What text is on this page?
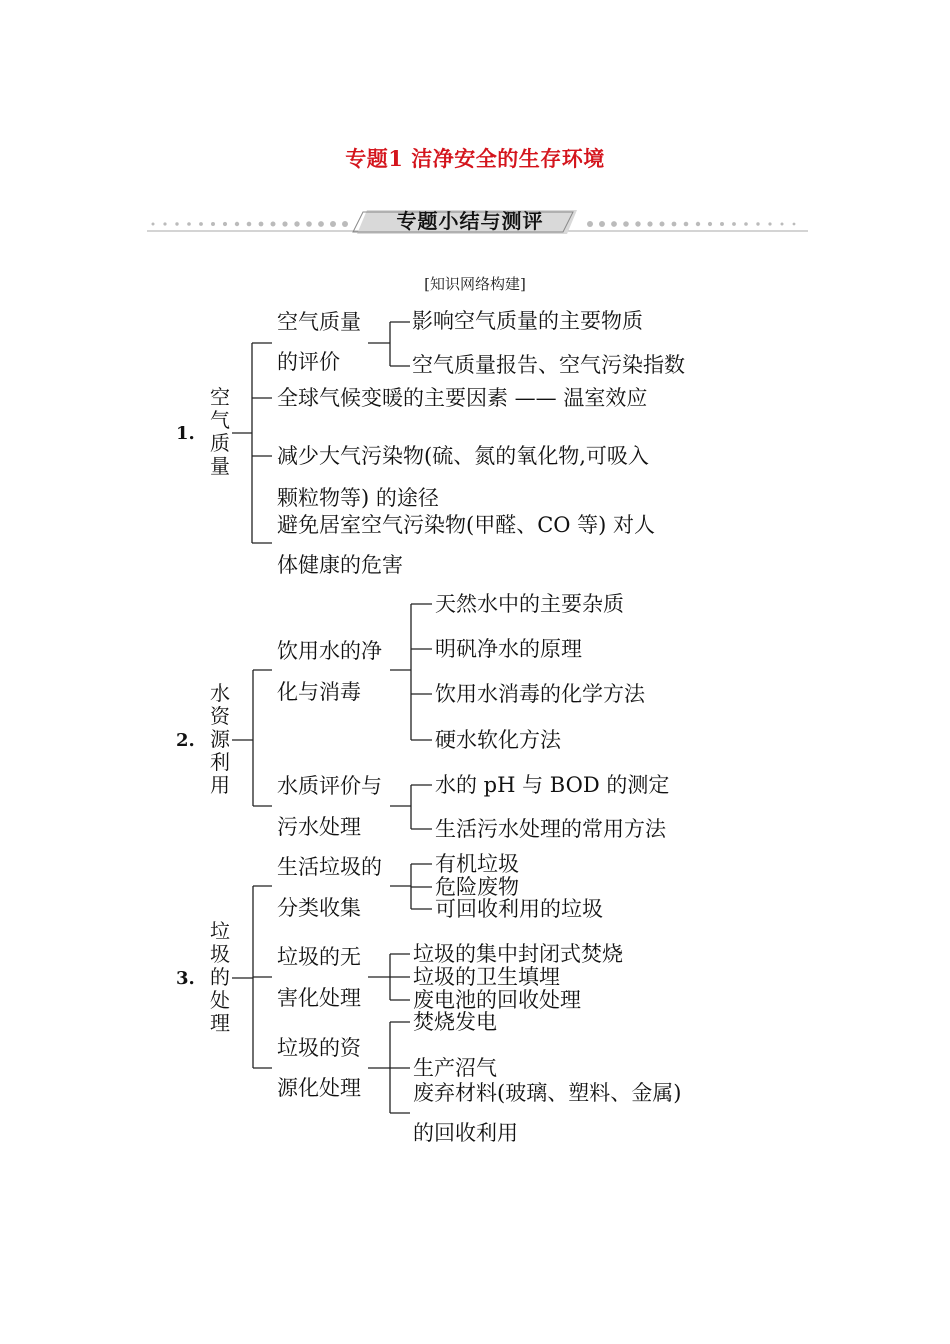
专题1 洁净安全的生存环境
专题小结与测评
[知识网络构建]
1.
空气质量
空气质量
的评价
影响空气质量的主要物质
空气质量报告、空气污染指数
全球气候变暖的主要因素 —— 温室效应
减少大气污染物(硫、氮的氧化物,可吸入
颗粒物等) 的途径
避免居室空气污染物(甲醛、CO 等) 对人
体健康的危害
2.
水资源利用
饮用水的净
化与消毒
天然水中的主要杂质
明矾净水的原理
饮用水消毒的化学方法
硬水软化方法
水质评价与
污水处理
水的 pH 与 BOD 的测定
生活污水处理的常用方法
3.
垃圾的处理
生活垃圾的
分类收集
有机垃圾
危险废物
可回收利用的垃圾
垃圾的无
害化处理
垃圾的集中封闭式焚烧
垃圾的卫生填埋
废电池的回收处理
垃圾的资
源化处理
焚烧发电
生产沼气
废弃材料(玻璃、塑料、金属)
的回收利用
